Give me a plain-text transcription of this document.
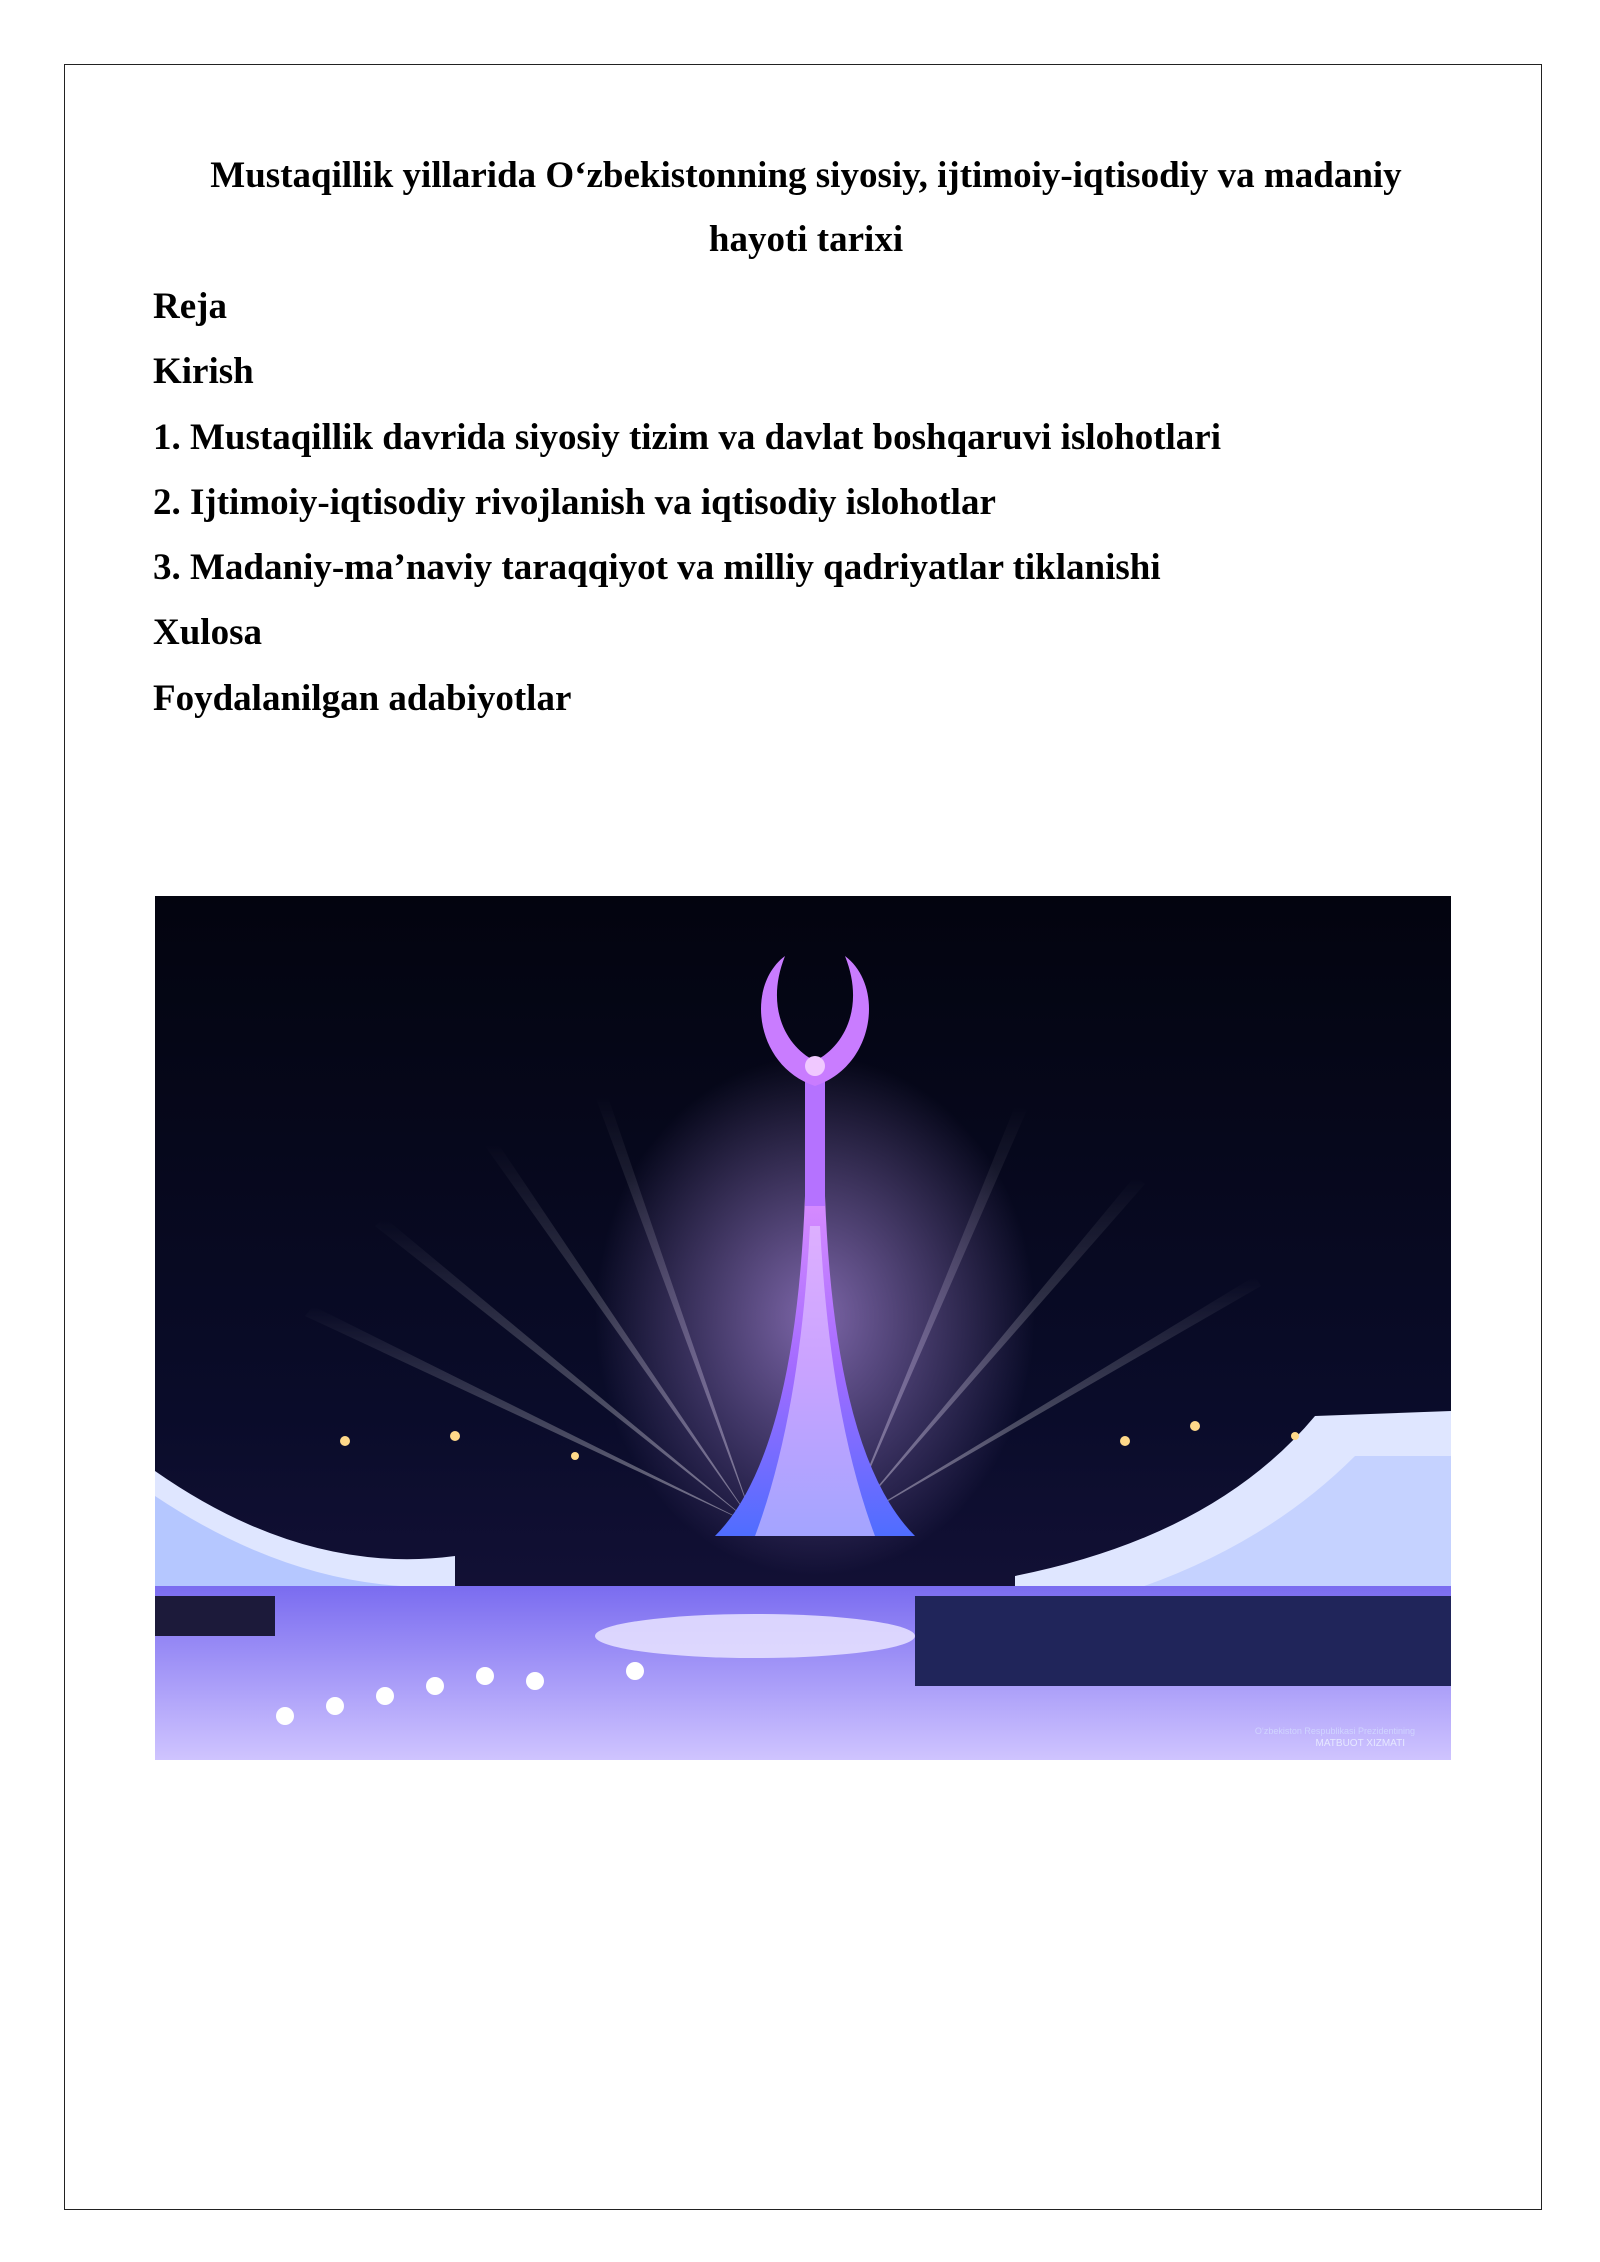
Mustaqillik yillarida O‘zbekistonning siyosiy, ijtimoiy-iqtisodiy va madaniy
hayoti tarixi
Reja
Kirish
1. Mustaqillik davrida siyosiy tizim va davlat boshqaruvi islohotlari
2. Ijtimoiy-iqtisodiy rivojlanish va iqtisodiy islohotlar
3. Madaniy-ma’naviy taraqqiyot va milliy qadriyatlar tiklanishi
Xulosa
Foydalanilgan adabiyotlar
O‘zbekiston Respublikasi Prezidentining
MATBUOT XIZMATI
